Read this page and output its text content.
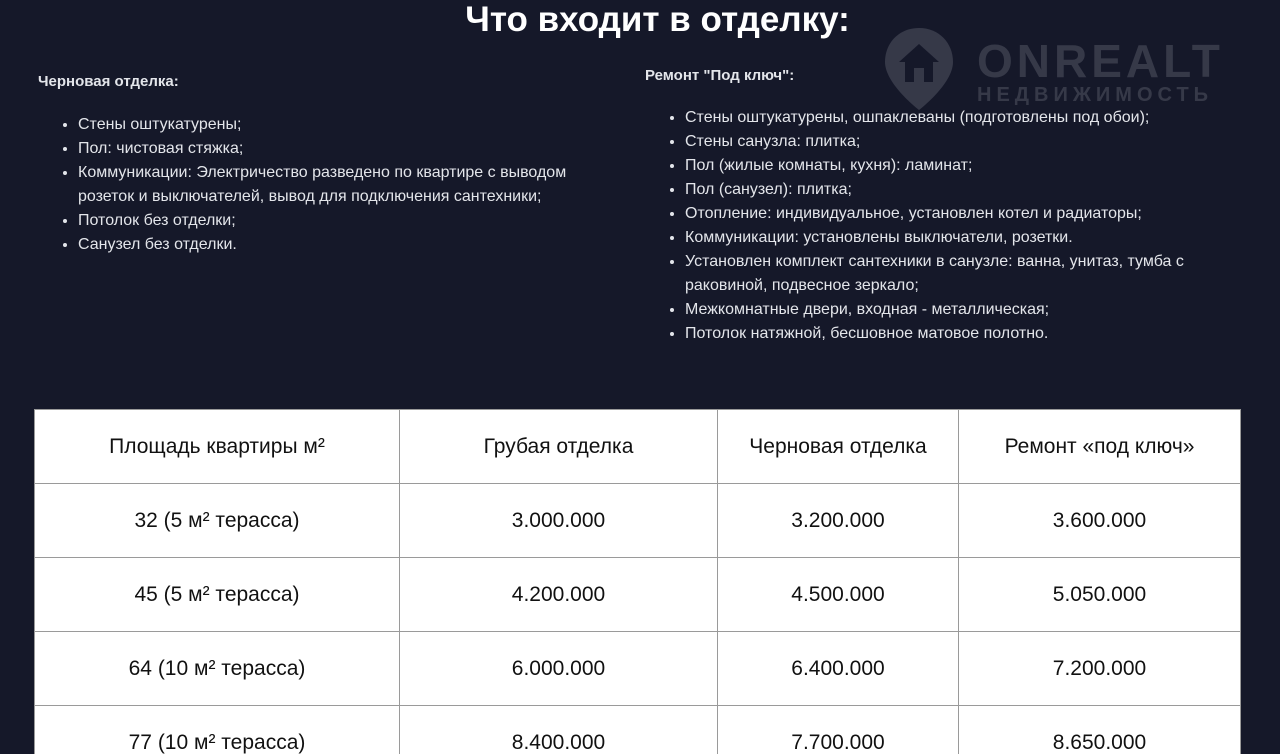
Что входит в отделку:
ONREALT
НЕДВИЖИМОСТЬ
Черновая отделка:
• Стены оштукатурены;
• Пол: чистовая стяжка;
• Коммуникации: Электричество разведено по квартире с выводом розеток и выключателей, вывод для подключения сантехники;
• Потолок без отделки;
• Санузел без отделки.
Ремонт "Под ключ":
• Стены оштукатурены, ошпаклеваны (подготовлены под обои);
• Стены санузла: плитка;
• Пол (жилые комнаты, кухня): ламинат;
• Пол (санузел): плитка;
• Отопление: индивидуальное, установлен котел и радиаторы;
• Коммуникации: установлены выключатели, розетки.
• Установлен комплект сантехники в санузле: ванна, унитаз, тумба с раковиной, подвесное зеркало;
• Межкомнатные двери, входная - металлическая;
• Потолок натяжной, бесшовное матовое полотно.
Площадь квартиры м²	Грубая отделка	Черновая отделка	Ремонт «под ключ»
32 (5 м² терасса)	3.000.000	3.200.000	3.600.000
45 (5 м² терасса)	4.200.000	4.500.000	5.050.000
64 (10 м² терасса)	6.000.000	6.400.000	7.200.000
77 (10 м² терасса)	8.400.000	7.700.000	8.650.000
